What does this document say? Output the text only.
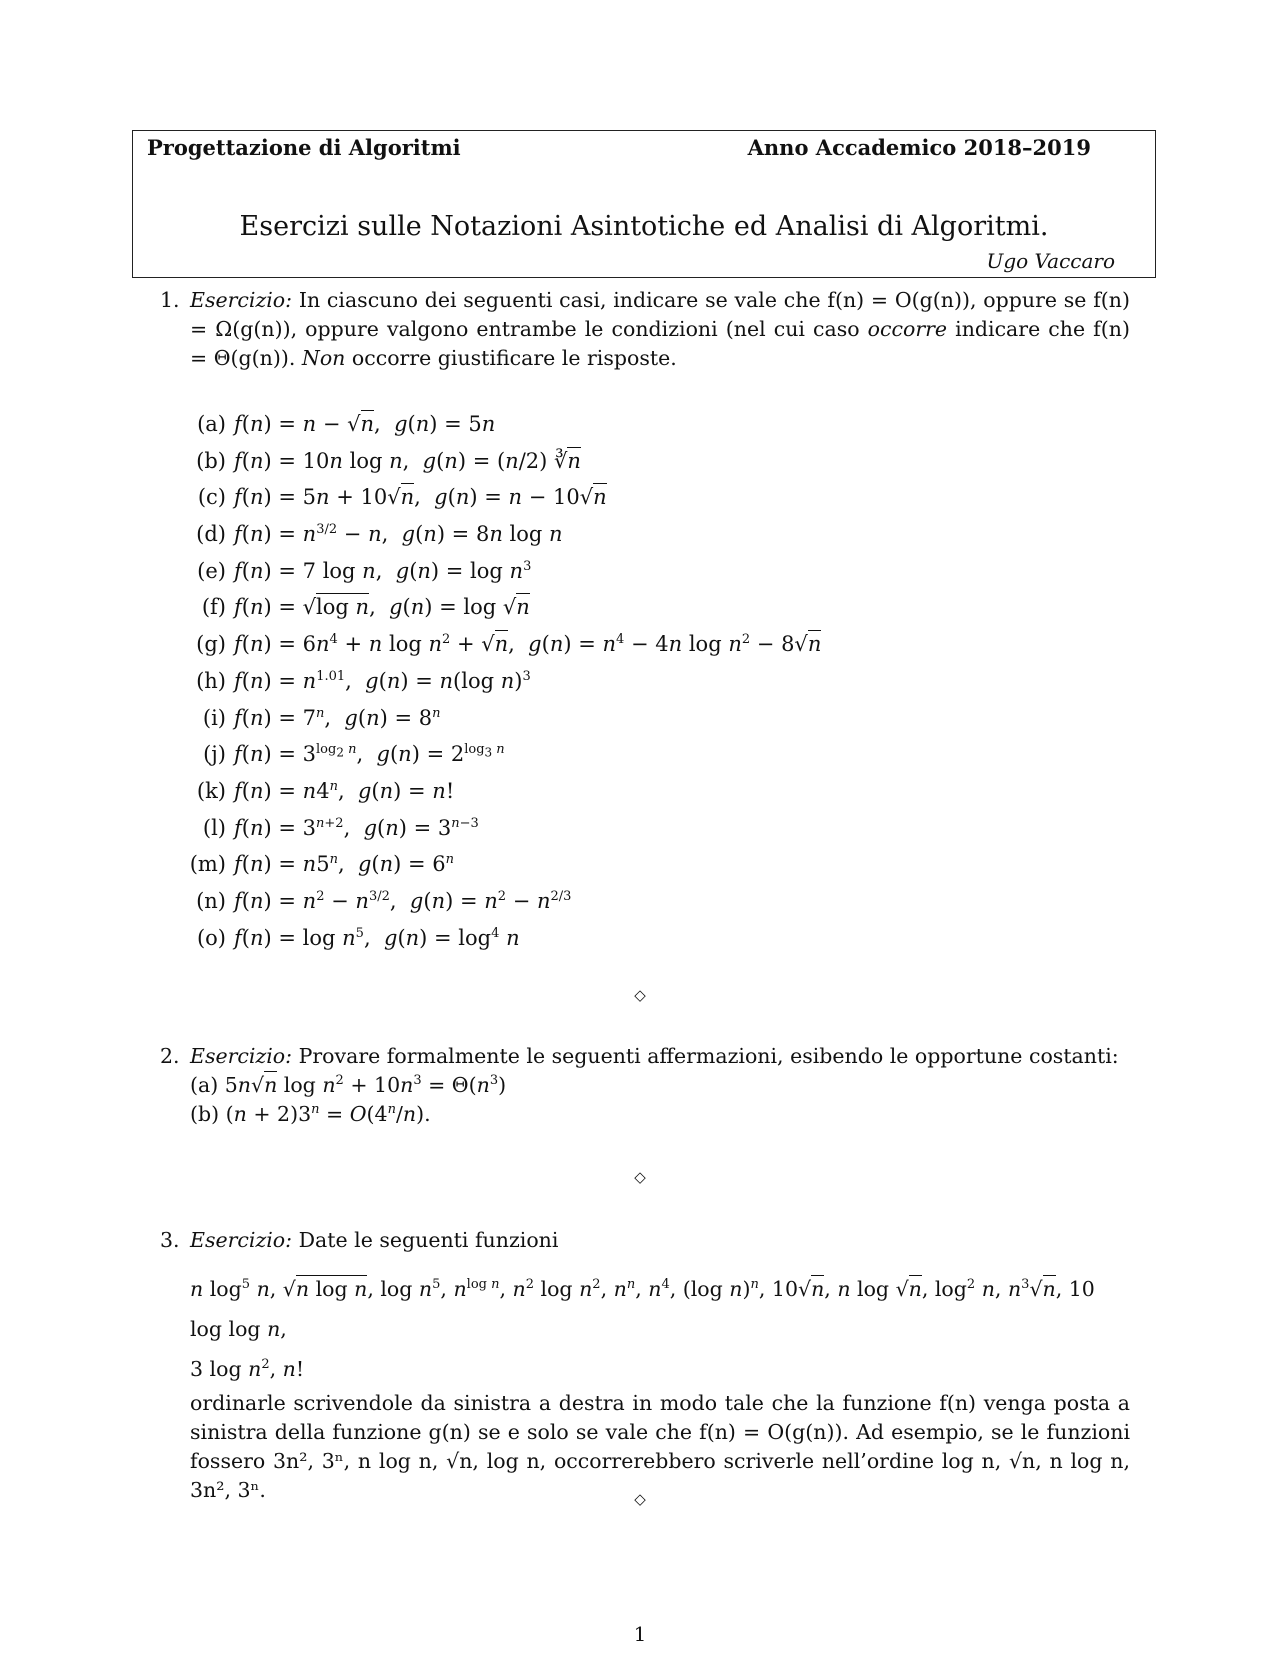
Progettazione di Algoritmi	Anno Accademico 2018–2019
Esercizi sulle Notazioni Asintotiche ed Analisi di Algoritmi.
Ugo Vaccaro
1. Esercizio: In ciascuno dei seguenti casi, indicare se vale che f(n) = O(g(n)), oppure se f(n) = Ω(g(n)), oppure valgono entrambe le condizioni (nel cui caso occorre indicare che f(n) = Θ(g(n)). Non occorre giustificare le risposte.
(a) f(n) = n − √n,  g(n) = 5n
(b) f(n) = 10n log n,  g(n) = (n/2) ∛n
(c) f(n) = 5n + 10√n,  g(n) = n − 10√n
(d) $f(n) = n^{3/2} - n$,  g(n) = 8n log n
(e) f(n) = 7 log n,  $g(n) = \log n^3$
(f) f(n) = √log n,  g(n) = log √n
(g) $f(n) = 6n^4 + n$ $\log n^2 + √n$,  $g(n) = n^4 - 4n$ $\log n^2 - 8√n$
(h) $f(n) = n^{1.01}$,  g(n) = n(log n)$^3$
(i) $f(n) = 7^n$,  $g(n) = 8^n$
(j) $f(n) = 3^{log_2 n}$,  $g(n) = 2^{log_3 n}$
(k) $f(n) = n4^n$,  g(n) = n!
(l) $f(n) = 3^{n+2}$,  $g(n) = 3^{n-3}$
(m) $f(n) = n5^n$,  $g(n) = 6^n$
(n) $f(n) = n^2 - n^{3/2}$,  $g(n) = n^2 - n^{2/3}$
(o) $f(n) = \log n^5$,  $g(n) = \log^4 n$
◇
2. Esercizio: Provare formalmente le seguenti affermazioni, esibendo le opportune costanti:
(a) 5n√n $\log n^2 + 10n^3 = \Theta(n^3)$
(b) $(n + 2)3^n = O(4^n/n)$.
◇
3. Esercizio: Date le seguenti funzioni
n $\log^5 n$, √n log n, $\log n^5$, $n^{log n}$, $n^2$ $\log n^2$, $n^n$, $n^4$, (log n)$^n$, 10√n, n log √n, $\log^2 n$, $n^3√n$, 10 log log n,
3 $\log n^2$, n!
ordinarle scrivendole da sinistra a destra in modo tale che la funzione f(n) venga posta a sinistra della funzione g(n) se e solo se vale che f(n) = O(g(n)). Ad esempio, se le funzioni fossero 3n², 3ⁿ, n log n, √n, log n, occorrerebbero scriverle nell’ordine log n, √n, n log n, 3n², 3ⁿ.	◇
1
